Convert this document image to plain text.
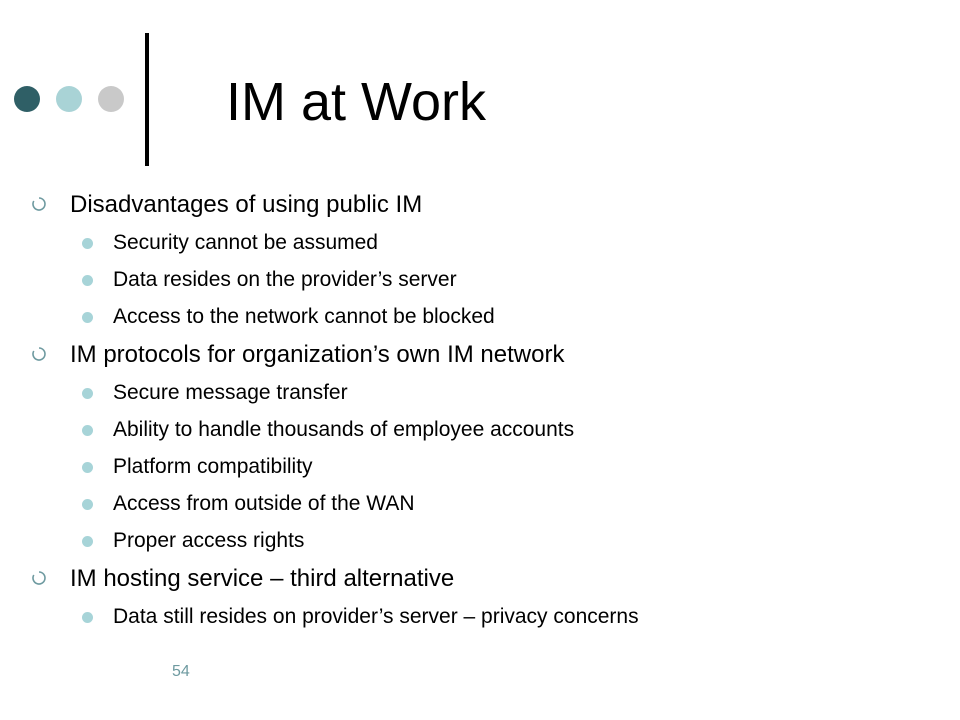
IM at Work
Disadvantages of using public IM
Security cannot be assumed
Data resides on the provider’s server
Access to the network cannot be blocked
IM protocols for organization’s own IM network
Secure message transfer
Ability to handle thousands of employee accounts
Platform compatibility
Access from outside of the WAN
Proper access rights
IM hosting service – third alternative
Data still resides on provider’s server – privacy concerns
54
